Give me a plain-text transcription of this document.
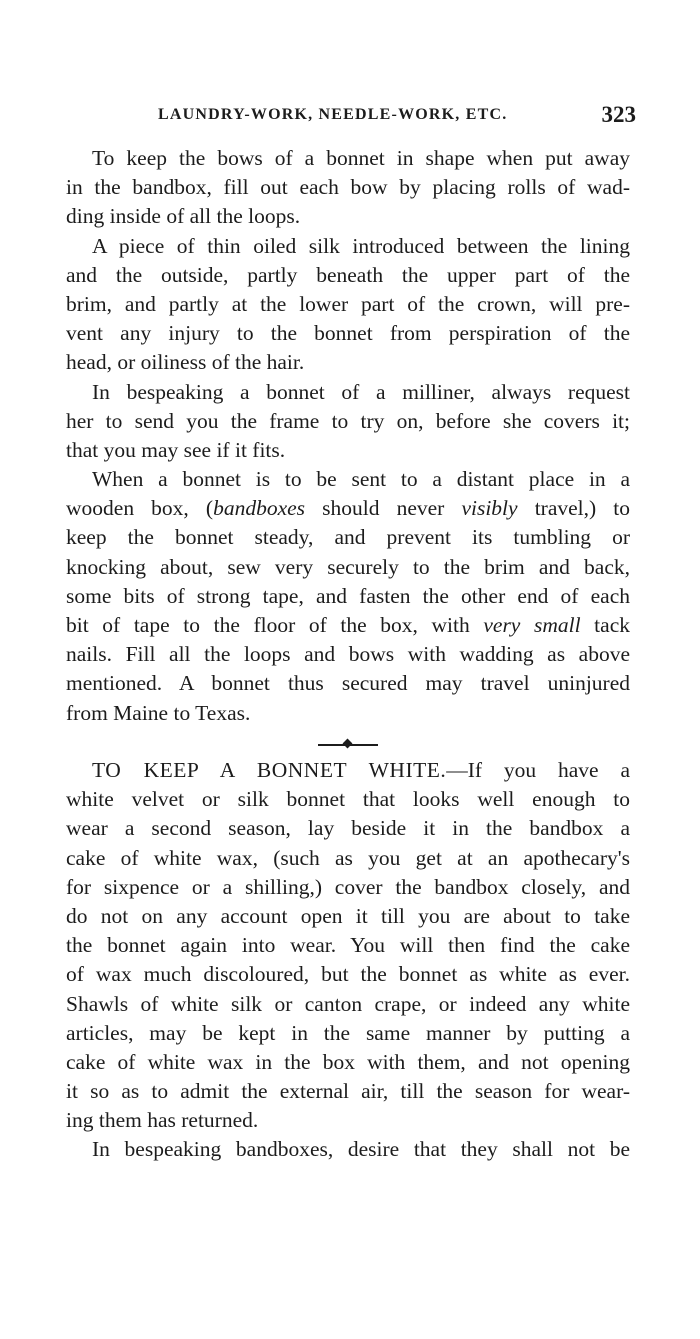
LAUNDRY-WORK, NEEDLE-WORK, ETC.	323
To keep the bows of a bonnet in shape when put away
in the bandbox, fill out each bow by placing rolls of wad-
ding inside of all the loops.
A piece of thin oiled silk introduced between the lining
and the outside, partly beneath the upper part of the
brim, and partly at the lower part of the crown, will pre-
vent any injury to the bonnet from perspiration of the
head, or oiliness of the hair.
In bespeaking a bonnet of a milliner, always request
her to send you the frame to try on, before she covers it;
that you may see if it fits.
When a bonnet is to be sent to a distant place in a
wooden box, (bandboxes should never visibly travel,) to
keep the bonnet steady, and prevent its tumbling or
knocking about, sew very securely to the brim and back,
some bits of strong tape, and fasten the other end of each
bit of tape to the floor of the box, with very small tack
nails. Fill all the loops and bows with wadding as above
mentioned. A bonnet thus secured may travel uninjured
from Maine to Texas.
TO KEEP A BONNET WHITE.—If you have a
white velvet or silk bonnet that looks well enough to
wear a second season, lay beside it in the bandbox a
cake of white wax, (such as you get at an apothecary's
for sixpence or a shilling,) cover the bandbox closely, and
do not on any account open it till you are about to take
the bonnet again into wear. You will then find the cake
of wax much discoloured, but the bonnet as white as ever.
Shawls of white silk or canton crape, or indeed any white
articles, may be kept in the same manner by putting a
cake of white wax in the box with them, and not opening
it so as to admit the external air, till the season for wear-
ing them has returned.
In bespeaking bandboxes, desire that they shall not be
